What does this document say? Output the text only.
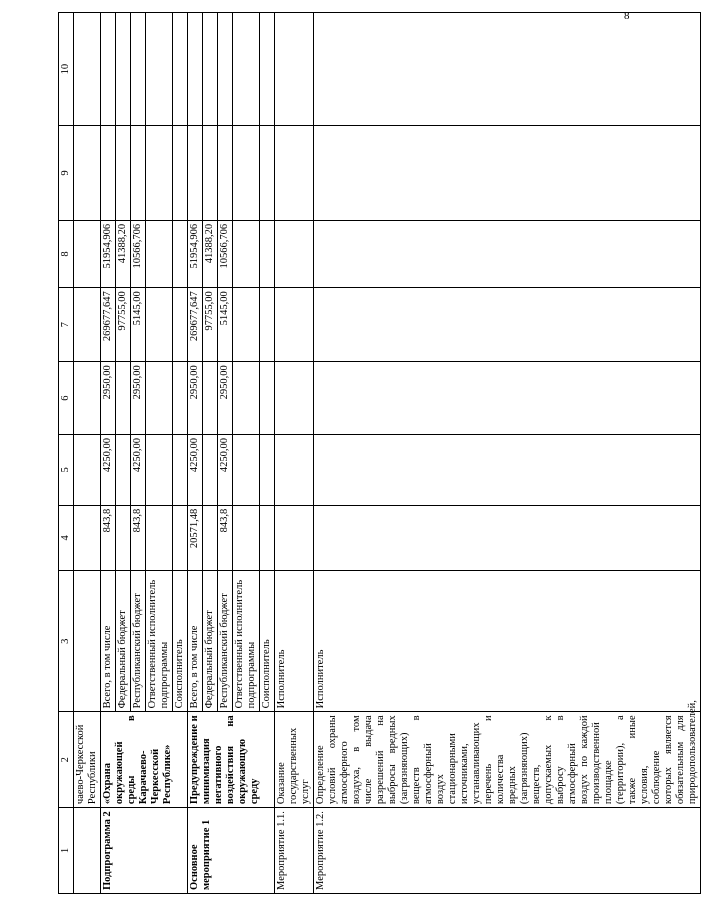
8
1	2	3	4	5	6	7	8	9	10
	чаево-Черкесской Республики								
Подпрограмма 2	«Охрана окружающей среды в Карачаево-Черкесской Республике»	Всего, в том числе	843,8	4250,00	2950,00	269677,647	51954,906		
		Федеральный бюджет				97755,00	41388,20		
		Республиканский бюджет	843,8	4250,00	2950,00	5145,00	10566,706		
		Ответственный исполнитель подпрограммы							
		Соисполнитель							
Основное мероприятие 1	Предупреждение и минимизация негативного воздействия на окружающую среду	Всего, в том числе	20571,48	4250,00	2950,00	269677,647	51954,906		
		Федеральный бюджет				97755,00	41388,20		
		Республиканский бюджет	843,8	4250,00	2950,00	5145,00	10566,706		
		Ответственный исполнитель подпрограммы							
		Соисполнитель							
Мероприятие 1.1.	Оказание государственных услуг	Исполнитель							
Мероприятие 1.2.	Определение условий охраны атмосферного воздуха, в том числе выдача разрешений на выбросы вредных (загрязняющих) веществ в атмосферный воздух стационарными источниками, устанавливающих перечень и количества вредных (загрязняющих) веществ, допускаемых к выбросу в атмосферный воздух по каждой производственной площадке (территории), а также иные условия, соблюдение которых является обязательным для природопользователей,	Исполнитель							
